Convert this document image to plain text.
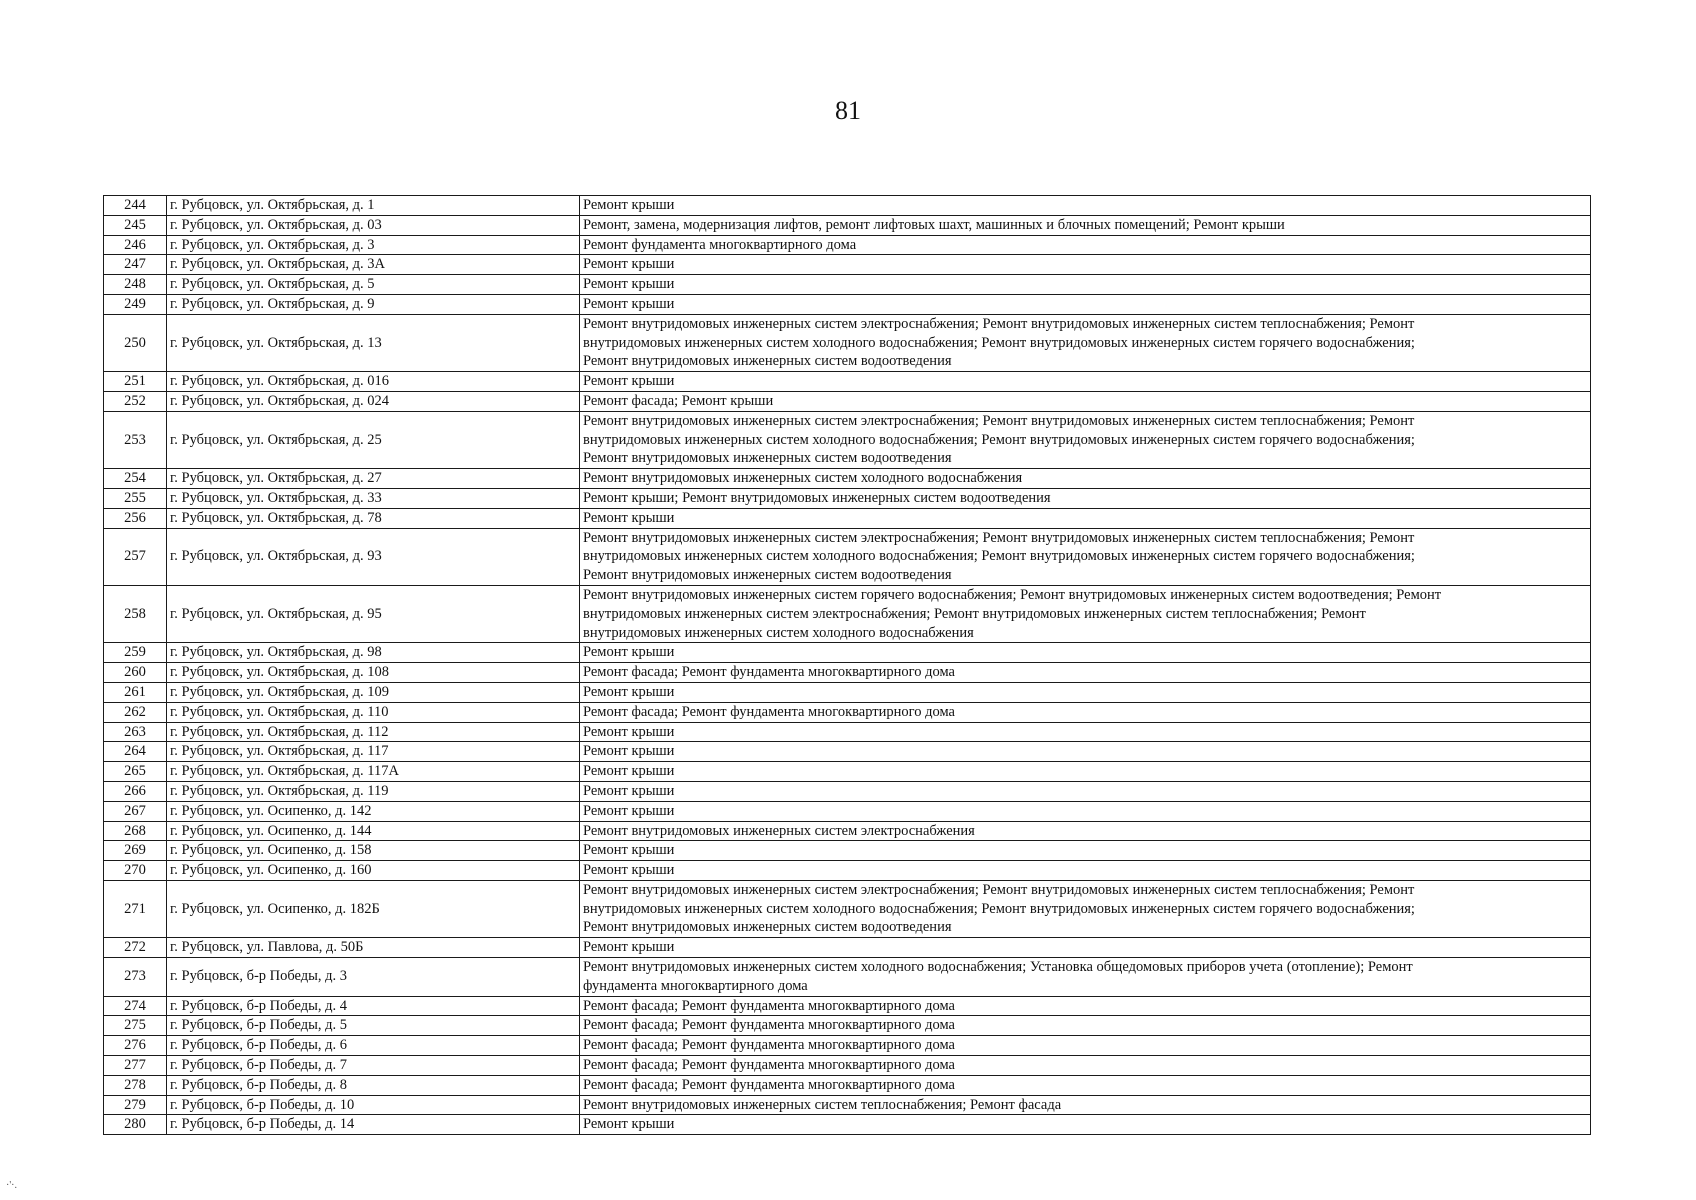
81
244	г. Рубцовск, ул. Октябрьская, д. 1	Ремонт крыши

245	г. Рубцовск, ул. Октябрьская, д. 03	Ремонт, замена, модернизация лифтов, ремонт лифтовых шахт, машинных и блочных помещений; Ремонт крыши

246	г. Рубцовск, ул. Октябрьская, д. 3	Ремонт фундамента многоквартирного дома

247	г. Рубцовск, ул. Октябрьская, д. 3А	Ремонт крыши

248	г. Рубцовск, ул. Октябрьская, д. 5	Ремонт крыши

249	г. Рубцовск, ул. Октябрьская, д. 9	Ремонт крыши

250	г. Рубцовск, ул. Октябрьская, д. 13	Ремонт внутридомовых инженерных систем электроснабжения; Ремонт внутридомовых инженерных систем теплоснабжения; Ремонт
внутридомовых инженерных систем холодного водоснабжения; Ремонт внутридомовых инженерных систем горячего водоснабжения;
Ремонт внутридомовых инженерных систем водоотведения

251	г. Рубцовск, ул. Октябрьская, д. 016	Ремонт крыши

252	г. Рубцовск, ул. Октябрьская, д. 024	Ремонт фасада; Ремонт крыши

253	г. Рубцовск, ул. Октябрьская, д. 25	Ремонт внутридомовых инженерных систем электроснабжения; Ремонт внутридомовых инженерных систем теплоснабжения; Ремонт
внутридомовых инженерных систем холодного водоснабжения; Ремонт внутридомовых инженерных систем горячего водоснабжения;
Ремонт внутридомовых инженерных систем водоотведения

254	г. Рубцовск, ул. Октябрьская, д. 27	Ремонт внутридомовых инженерных систем холодного водоснабжения

255	г. Рубцовск, ул. Октябрьская, д. 33	Ремонт крыши; Ремонт внутридомовых инженерных систем водоотведения

256	г. Рубцовск, ул. Октябрьская, д. 78	Ремонт крыши

257	г. Рубцовск, ул. Октябрьская, д. 93	Ремонт внутридомовых инженерных систем электроснабжения; Ремонт внутридомовых инженерных систем теплоснабжения; Ремонт
внутридомовых инженерных систем холодного водоснабжения; Ремонт внутридомовых инженерных систем горячего водоснабжения;
Ремонт внутридомовых инженерных систем водоотведения

258	г. Рубцовск, ул. Октябрьская, д. 95	Ремонт внутридомовых инженерных систем горячего водоснабжения; Ремонт внутридомовых инженерных систем водоотведения; Ремонт
внутридомовых инженерных систем электроснабжения; Ремонт внутридомовых инженерных систем теплоснабжения; Ремонт
внутридомовых инженерных систем холодного водоснабжения

259	г. Рубцовск, ул. Октябрьская, д. 98	Ремонт крыши

260	г. Рубцовск, ул. Октябрьская, д. 108	Ремонт фасада; Ремонт фундамента многоквартирного дома

261	г. Рубцовск, ул. Октябрьская, д. 109	Ремонт крыши

262	г. Рубцовск, ул. Октябрьская, д. 110	Ремонт фасада; Ремонт фундамента многоквартирного дома

263	г. Рубцовск, ул. Октябрьская, д. 112	Ремонт крыши

264	г. Рубцовск, ул. Октябрьская, д. 117	Ремонт крыши

265	г. Рубцовск, ул. Октябрьская, д. 117А	Ремонт крыши

266	г. Рубцовск, ул. Октябрьская, д. 119	Ремонт крыши

267	г. Рубцовск, ул. Осипенко, д. 142	Ремонт крыши

268	г. Рубцовск, ул. Осипенко, д. 144	Ремонт внутридомовых инженерных систем электроснабжения

269	г. Рубцовск, ул. Осипенко, д. 158	Ремонт крыши

270	г. Рубцовск, ул. Осипенко, д. 160	Ремонт крыши

271	г. Рубцовск, ул. Осипенко, д. 182Б	Ремонт внутридомовых инженерных систем электроснабжения; Ремонт внутридомовых инженерных систем теплоснабжения; Ремонт
внутридомовых инженерных систем холодного водоснабжения; Ремонт внутридомовых инженерных систем горячего водоснабжения;
Ремонт внутридомовых инженерных систем водоотведения

272	г. Рубцовск, ул. Павлова, д. 50Б	Ремонт крыши

273	г. Рубцовск, б-р Победы, д. 3	Ремонт внутридомовых инженерных систем холодного водоснабжения; Установка общедомовых приборов учета (отопление); Ремонт
фундамента многоквартирного дома

274	г. Рубцовск, б-р Победы, д. 4	Ремонт фасада; Ремонт фундамента многоквартирного дома

275	г. Рубцовск, б-р Победы, д. 5	Ремонт фасада; Ремонт фундамента многоквартирного дома

276	г. Рубцовск, б-р Победы, д. 6	Ремонт фасада; Ремонт фундамента многоквартирного дома

277	г. Рубцовск, б-р Победы, д. 7	Ремонт фасада; Ремонт фундамента многоквартирного дома

278	г. Рубцовск, б-р Победы, д. 8	Ремонт фасада; Ремонт фундамента многоквартирного дома

279	г. Рубцовск, б-р Победы, д. 10	Ремонт внутридомовых инженерных систем теплоснабжения; Ремонт фасада

280	г. Рубцовск, б-р Победы, д. 14	Ремонт крыши
·'·.
